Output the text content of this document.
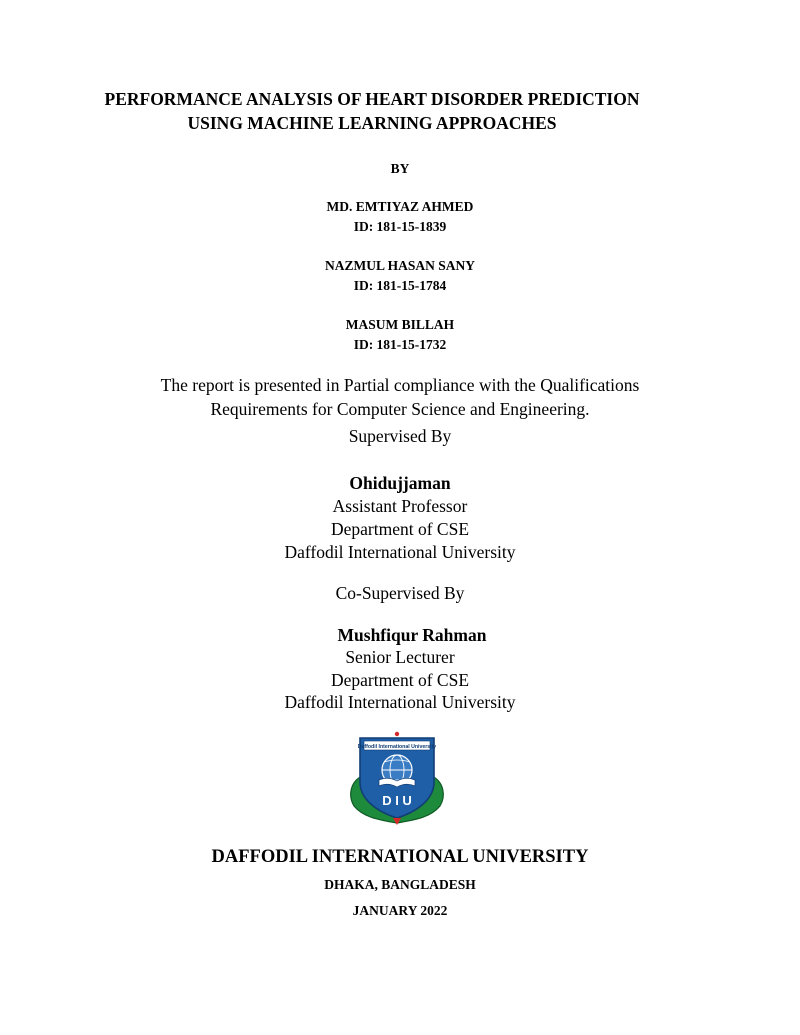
PERFORMANCE ANALYSIS OF HEART DISORDER PREDICTION
USING MACHINE LEARNING APPROACHES
BY
MD. EMTIYAZ AHMED
ID: 181-15-1839
NAZMUL HASAN SANY
ID: 181-15-1784
MASUM BILLAH
ID: 181-15-1732
The report is presented in Partial compliance with the Qualifications
Requirements for Computer Science and Engineering.
Supervised By
Ohidujjaman
Assistant Professor
Department of CSE
Daffodil International University
Co-Supervised By
Mushfiqur Rahman
Senior Lecturer
Department of CSE
Daffodil International University
Daffodil International University
D I U
DAFFODIL INTERNATIONAL UNIVERSITY
DHAKA, BANGLADESH
JANUARY 2022
